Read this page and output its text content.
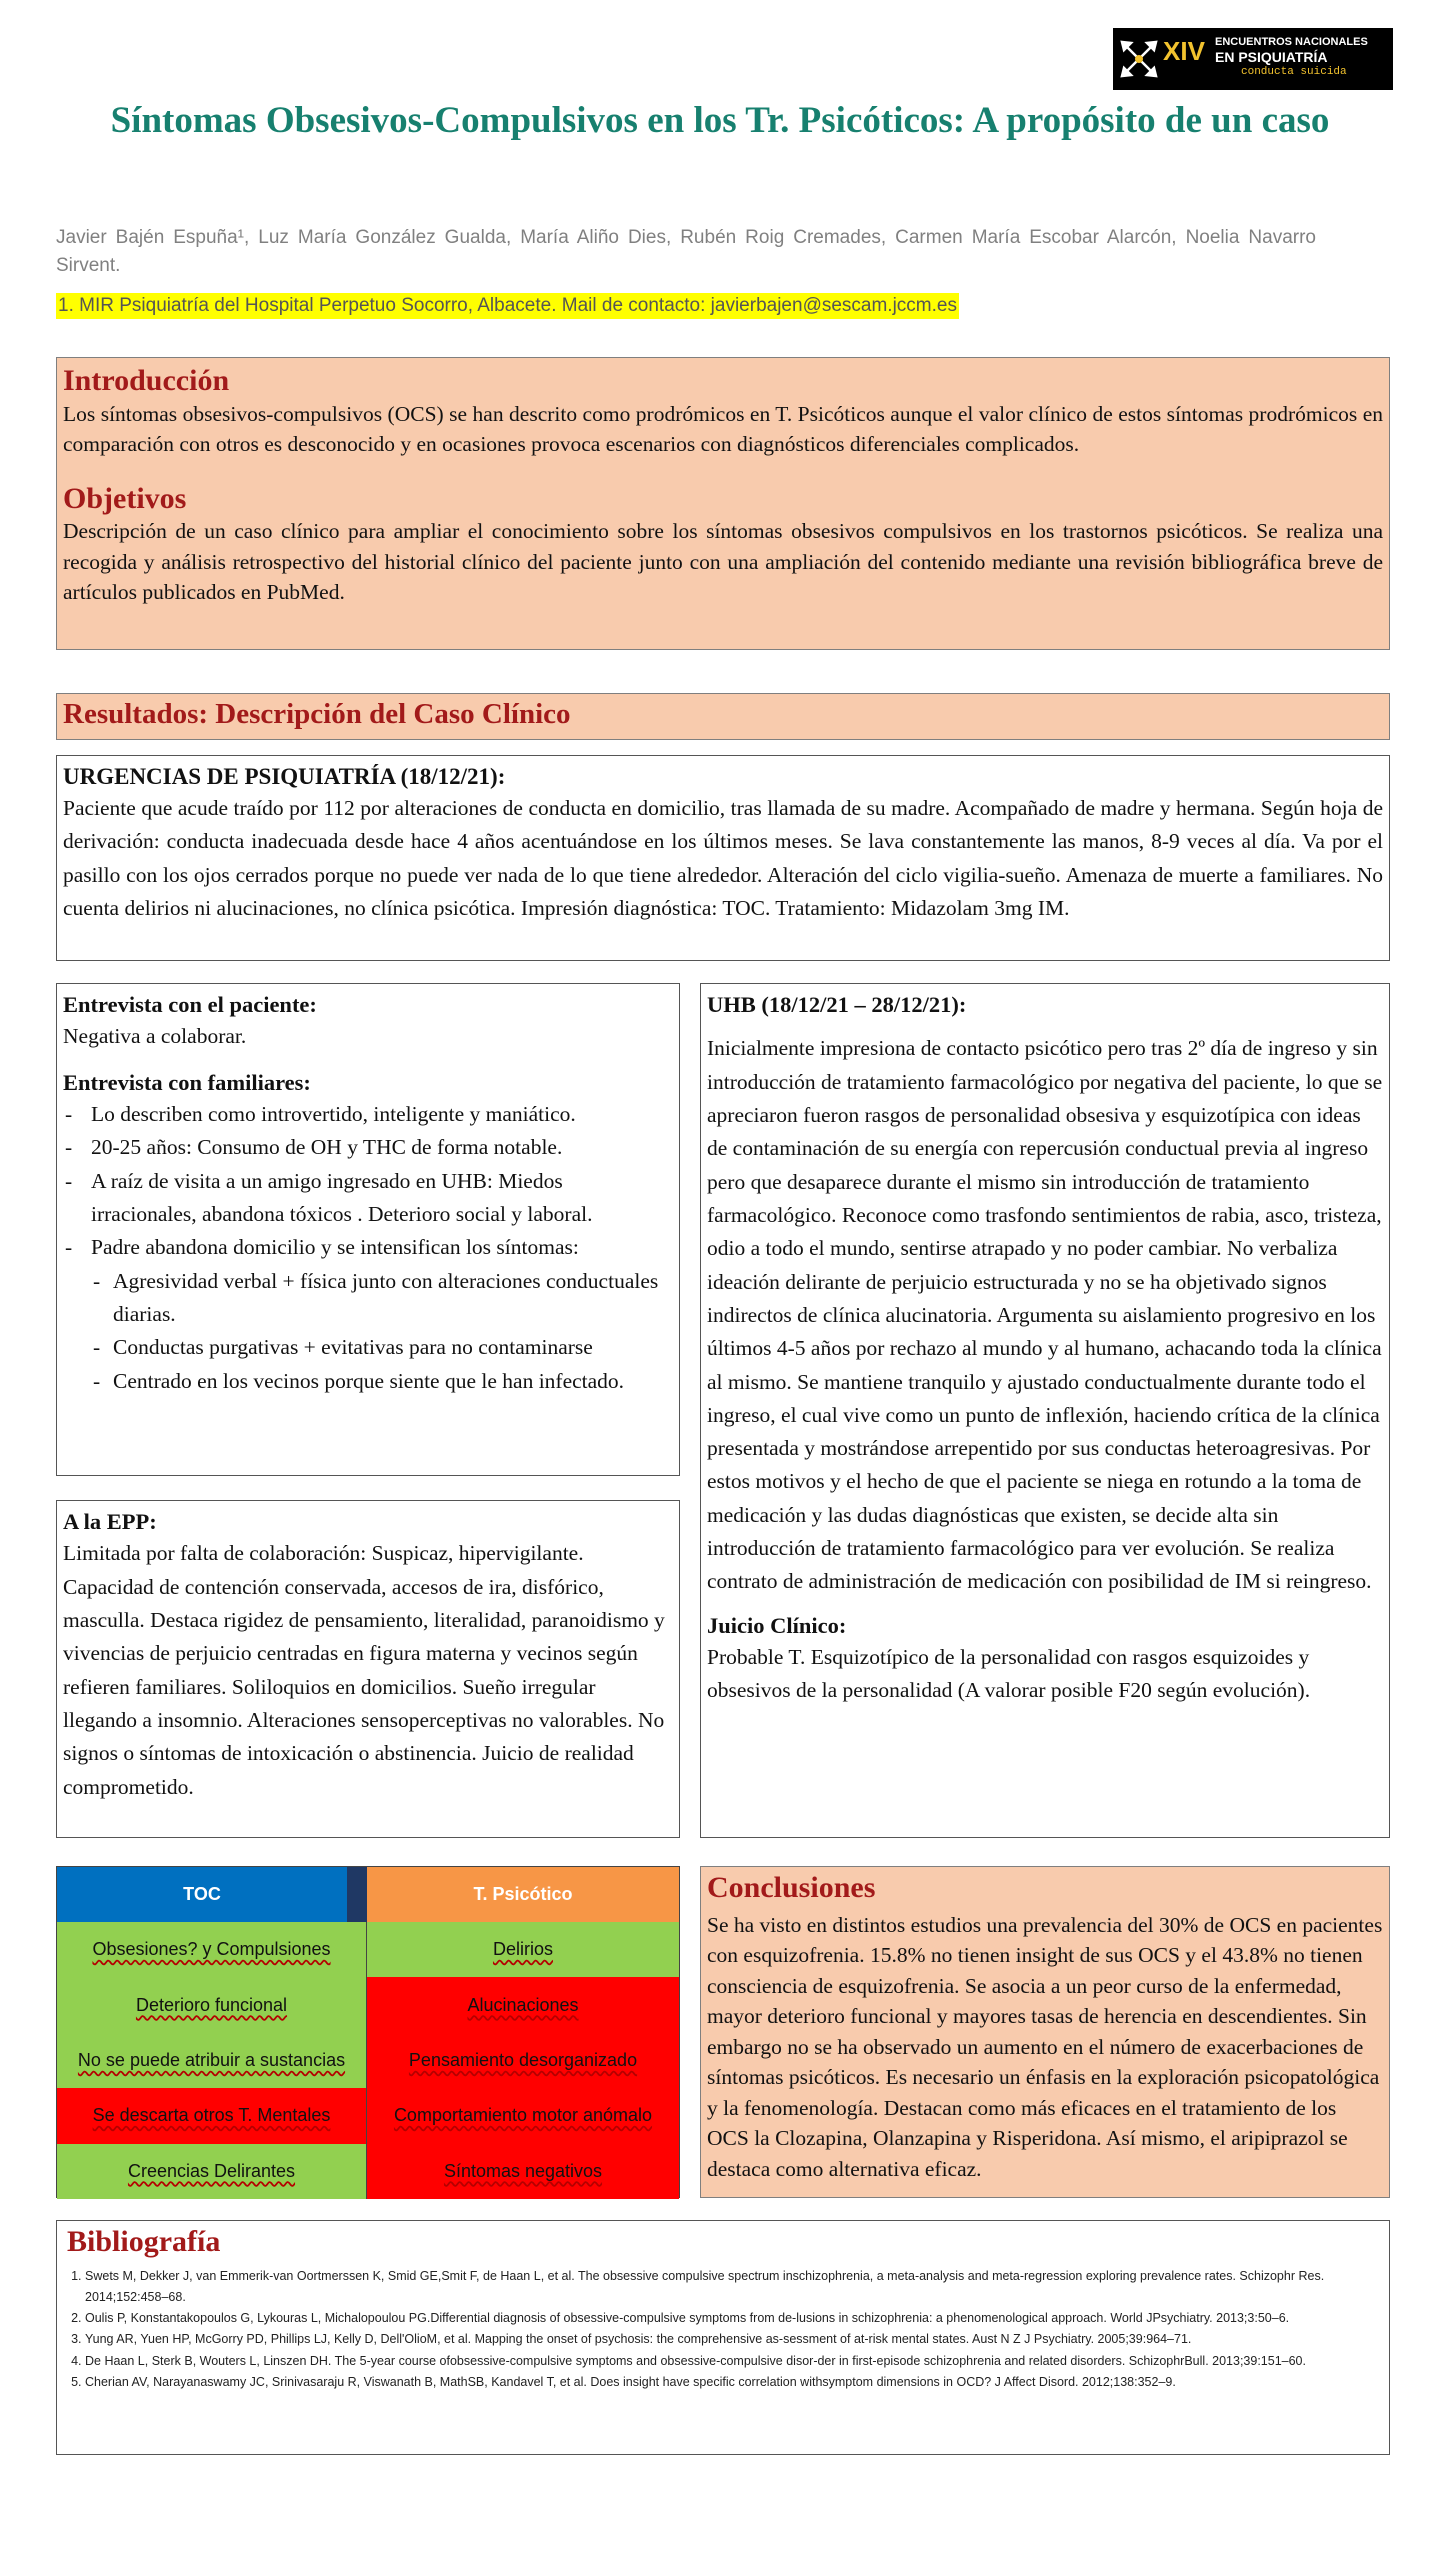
XIV ENCUENTROS NACIONALES
EN PSIQUIATRÍA
conducta suicida
Síntomas Obsesivos-Compulsivos en los Tr. Psicóticos: A propósito de un caso
Javier Bajén Espuña¹, Luz María González Gualda, María Aliño Dies, Rubén Roig Cremades, Carmen María Escobar Alarcón, Noelia Navarro Sirvent.
1. MIR Psiquiatría del Hospital Perpetuo Socorro, Albacete. Mail de contacto: javierbajen@sescam.jccm.es
Introducción
Los síntomas obsesivos-compulsivos (OCS) se han descrito como prodrómicos en T. Psicóticos aunque el valor clínico de estos síntomas prodrómicos en comparación con otros es desconocido y en ocasiones provoca escenarios con diagnósticos diferenciales complicados.
Objetivos
Descripción de un caso clínico para ampliar el conocimiento sobre los síntomas obsesivos compulsivos en los trastornos psicóticos. Se realiza una recogida y análisis retrospectivo del historial clínico del paciente junto con una ampliación del contenido mediante una revisión bibliográfica breve de artículos publicados en PubMed.
Resultados: Descripción del Caso Clínico
URGENCIAS DE PSIQUIATRÍA (18/12/21):
Paciente que acude traído por 112 por alteraciones de conducta en domicilio, tras llamada de su madre. Acompañado de madre y hermana. Según hoja de derivación: conducta inadecuada desde hace 4 años acentuándose en los últimos meses. Se lava constantemente las manos, 8-9 veces al día. Va por el pasillo con los ojos cerrados porque no puede ver nada de lo que tiene alrededor. Alteración del ciclo vigilia-sueño. Amenaza de muerte a familiares. No cuenta delirios ni alucinaciones, no clínica psicótica. Impresión diagnóstica: TOC. Tratamiento: Midazolam 3mg IM.
Entrevista con el paciente:
Negativa a colaborar.
Entrevista con familiares:
- Lo describen como introvertido, inteligente y maniático.
- 20-25 años: Consumo de OH y THC de forma notable.
- A raíz de visita a un amigo ingresado en UHB: Miedos irracionales, abandona tóxicos . Deterioro social y laboral.
- Padre abandona domicilio y se intensifican los síntomas:
- Agresividad verbal + física junto con alteraciones conductuales diarias.
- Conductas purgativas + evitativas para no contaminarse
- Centrado en los vecinos porque siente que le han infectado.
A la EPP:
Limitada por falta de colaboración: Suspicaz, hipervigilante. Capacidad de contención conservada, accesos de ira, disfórico, masculla. Destaca rigidez de pensamiento, literalidad, paranoidismo y vivencias de perjuicio centradas en figura materna y vecinos según refieren familiares. Soliloquios en domicilios. Sueño irregular llegando a insomnio. Alteraciones sensoperceptivas no valorables. No signos o síntomas de intoxicación o abstinencia. Juicio de realidad comprometido.
UHB (18/12/21 – 28/12/21):
Inicialmente impresiona de contacto psicótico pero tras 2º día de ingreso y sin introducción de tratamiento farmacológico por negativa del paciente, lo que se apreciaron fueron rasgos de personalidad obsesiva y esquizotípica con ideas de contaminación de su energía con repercusión conductual previa al ingreso pero que desaparece durante el mismo sin introducción de tratamiento farmacológico. Reconoce como trasfondo sentimientos de rabia, asco, tristeza, odio a todo el mundo, sentirse atrapado y no poder cambiar. No verbaliza ideación delirante de perjuicio estructurada y no se ha objetivado signos indirectos de clínica alucinatoria. Argumenta su aislamiento progresivo en los últimos 4-5 años por rechazo al mundo y al humano, achacando toda la clínica al mismo. Se mantiene tranquilo y ajustado conductualmente durante todo el ingreso, el cual vive como un punto de inflexión, haciendo crítica de la clínica presentada y mostrándose arrepentido por sus conductas heteroagresivas. Por estos motivos y el hecho de que el paciente se niega en rotundo a la toma de medicación y las dudas diagnósticas que existen, se decide alta sin introducción de tratamiento farmacológico para ver evolución. Se realiza contrato de administración de medicación con posibilidad de IM si reingreso.
Juicio Clínico:
Probable T. Esquizotípico de la personalidad con rasgos esquizoides y obsesivos de la personalidad (A valorar posible F20 según evolución).
TOC	T. Psicótico
Obsesiones? y Compulsiones	Delirios
Deterioro funcional	Alucinaciones
No se puede atribuir a sustancias	Pensamiento desorganizado
Se descarta otros T. Mentales	Comportamiento motor anómalo
Creencias Delirantes	Síntomas negativos
Conclusiones
Se ha visto en distintos estudios una prevalencia del 30% de OCS en pacientes con esquizofrenia. 15.8% no tienen insight de sus OCS y el 43.8% no tienen consciencia de esquizofrenia. Se asocia a un peor curso de la enfermedad, mayor deterioro funcional y mayores tasas de herencia en descendientes. Sin embargo no se ha observado un aumento en el número de exacerbaciones de síntomas psicóticos. Es necesario un énfasis en la exploración psicopatológica y la fenomenología. Destacan como más eficaces en el tratamiento de los OCS la Clozapina, Olanzapina y Risperidona. Así mismo, el aripiprazol se destaca como alternativa eficaz.
Bibliografía
1. Swets M, Dekker J, van Emmerik-van Oortmerssen K, Smid GE,Smit F, de Haan L, et al. The obsessive compulsive spectrum inschizophrenia, a meta-analysis and meta-regression exploring prevalence rates. Schizophr Res. 2014;152:458–68.
2. Oulis P, Konstantakopoulos G, Lykouras L, Michalopoulou PG.Differential diagnosis of obsessive-compulsive symptoms from de-lusions in schizophrenia: a phenomenological approach. World JPsychiatry. 2013;3:50–6.
3. Yung AR, Yuen HP, McGorry PD, Phillips LJ, Kelly D, Dell'OlioM, et al. Mapping the onset of psychosis: the comprehensive as-sessment of at-risk mental states. Aust N Z J Psychiatry. 2005;39:964–71.
4. De Haan L, Sterk B, Wouters L, Linszen DH. The 5-year course ofobsessive-compulsive symptoms and obsessive-compulsive disor-der in first-episode schizophrenia and related disorders. SchizophrBull. 2013;39:151–60.
5. Cherian AV, Narayanaswamy JC, Srinivasaraju R, Viswanath B, MathSB, Kandavel T, et al. Does insight have specific correlation withsymptom dimensions in OCD? J Affect Disord. 2012;138:352–9.
